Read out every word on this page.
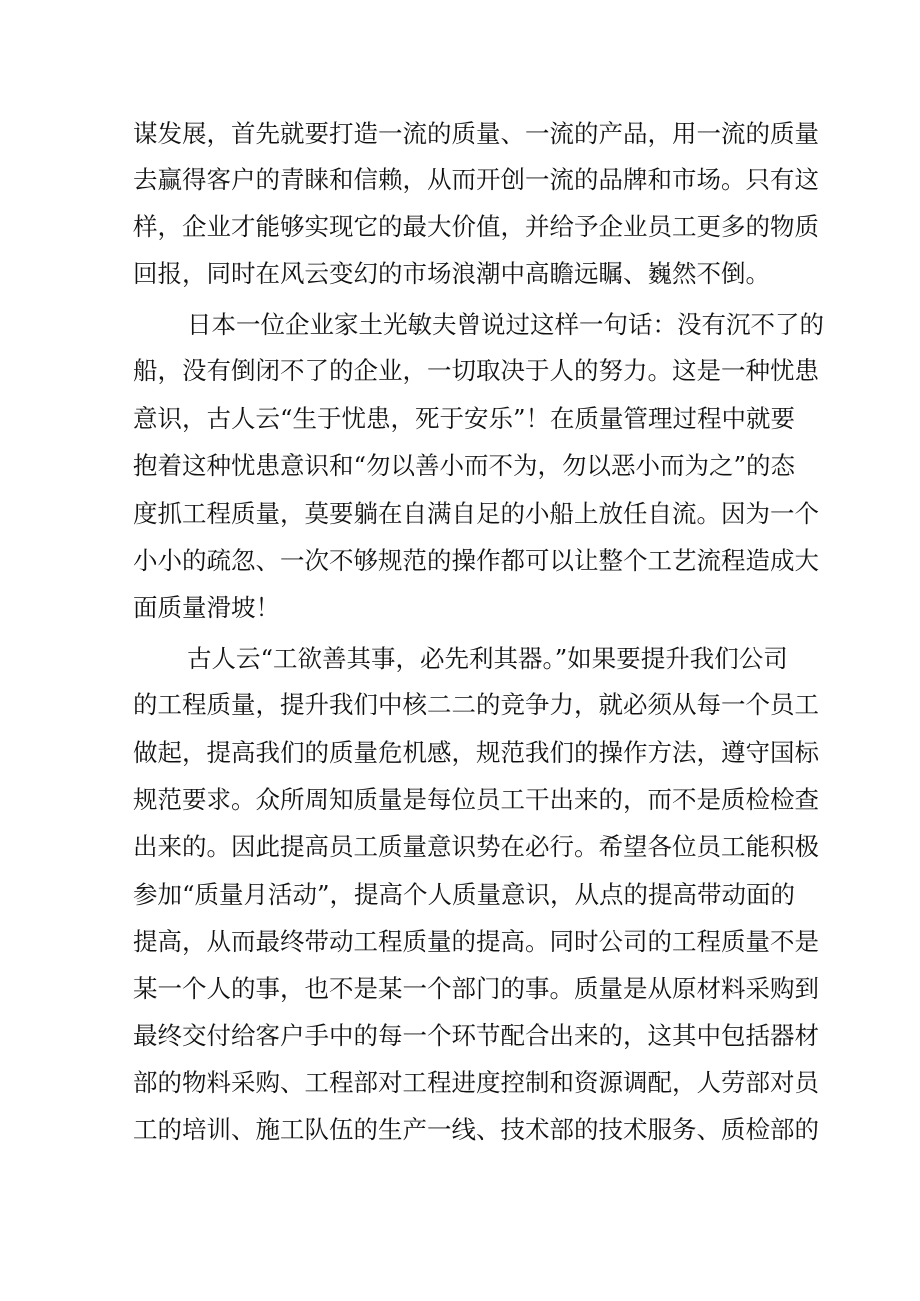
谋发展，首先就要打造一流的质量、一流的产品，用一流的质量
去赢得客户的青睐和信赖，从而开创一流的品牌和市场。只有这
样，企业才能够实现它的最大价值，并给予企业员工更多的物质
回报，同时在风云变幻的市场浪潮中高瞻远瞩、巍然不倒。
日本一位企业家土光敏夫曾说过这样一句话：没有沉不了的
船，没有倒闭不了的企业，一切取决于人的努力。这是一种忧患
意识，古人云“生于忧患，死于安乐”！在质量管理过程中就要
抱着这种忧患意识和“勿以善小而不为，勿以恶小而为之”的态
度抓工程质量，莫要躺在自满自足的小船上放任自流。因为一个
小小的疏忽、一次不够规范的操作都可以让整个工艺流程造成大
面质量滑坡！
古人云“工欲善其事，必先利其器。”如果要提升我们公司
的工程质量，提升我们中核二二的竞争力，就必须从每一个员工
做起，提高我们的质量危机感，规范我们的操作方法，遵守国标
规范要求。众所周知质量是每位员工干出来的，而不是质检检查
出来的。因此提高员工质量意识势在必行。希望各位员工能积极
参加“质量月活动”，提高个人质量意识，从点的提高带动面的
提高，从而最终带动工程质量的提高。同时公司的工程质量不是
某一个人的事，也不是某一个部门的事。质量是从原材料采购到
最终交付给客户手中的每一个环节配合出来的，这其中包括器材
部的物料采购、工程部对工程进度控制和资源调配，人劳部对员
工的培训、施工队伍的生产一线、技术部的技术服务、质检部的
